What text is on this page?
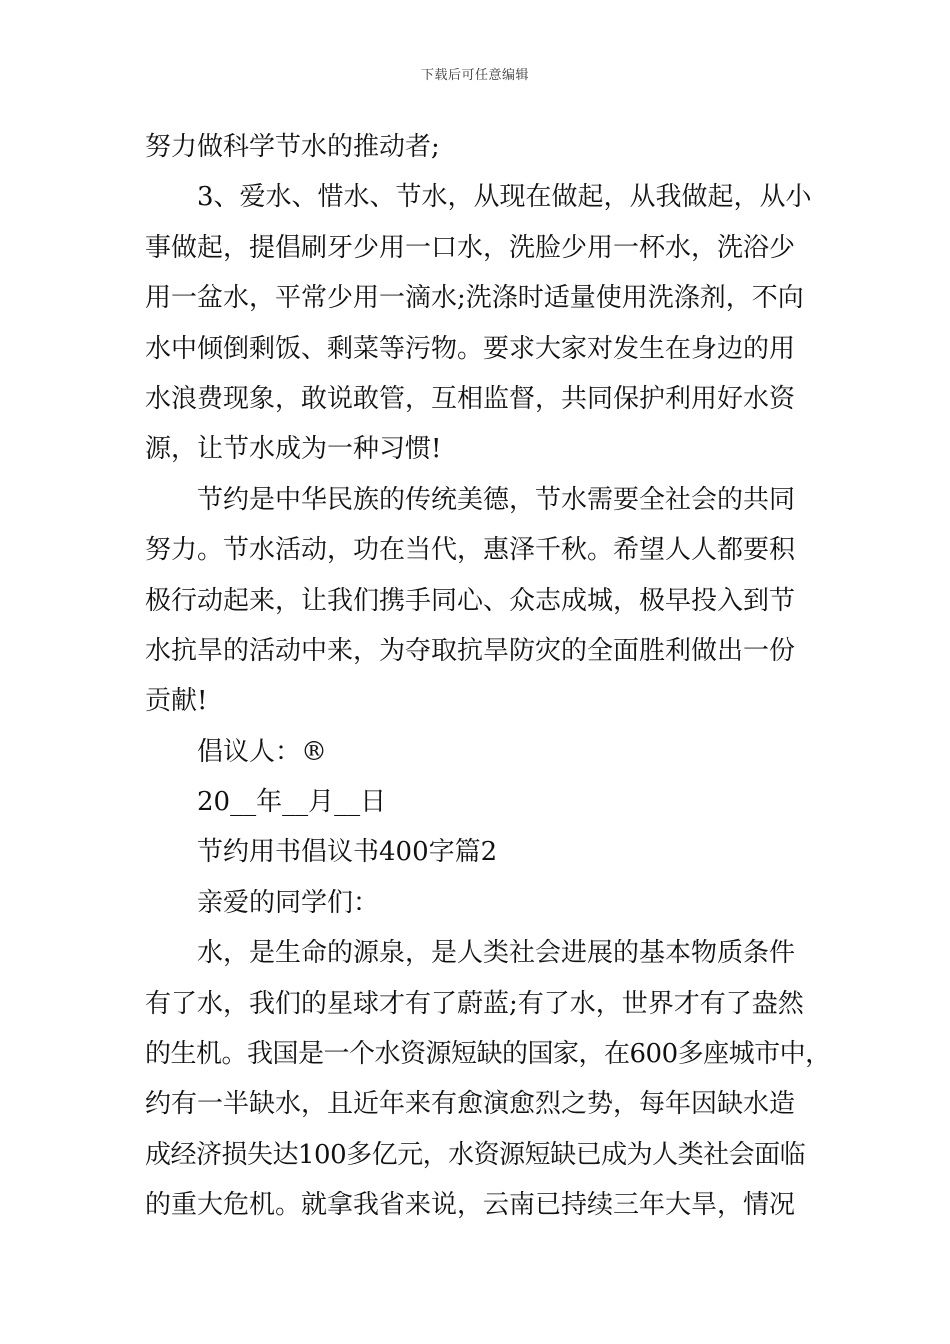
下载后可任意编辑
努力做科学节水的推动者;
3、爱水、惜水、节水，从现在做起，从我做起，从小
事做起，提倡刷牙少用一口水，洗脸少用一杯水，洗浴少
用一盆水，平常少用一滴水;洗涤时适量使用洗涤剂，不向
水中倾倒剩饭、剩菜等污物。要求大家对发生在身边的用
水浪费现象，敢说敢管，互相监督，共同保护利用好水资
源，让节水成为一种习惯!
节约是中华民族的传统美德，节水需要全社会的共同
努力。节水活动，功在当代，惠泽千秋。希望人人都要积
极行动起来，让我们携手同心、众志成城，极早投入到节
水抗旱的活动中来，为夺取抗旱防灾的全面胜利做出一份
贡献!
倡议人：®
20__年__月__日
节约用书倡议书400字篇2
亲爱的同学们：
水，是生命的源泉，是人类社会进展的基本物质条件
有了水，我们的星球才有了蔚蓝;有了水，世界才有了盎然
的生机。我国是一个水资源短缺的国家，在600多座城市中，
约有一半缺水，且近年来有愈演愈烈之势，每年因缺水造
成经济损失达100多亿元，水资源短缺已成为人类社会面临
的重大危机。就拿我省来说，云南已持续三年大旱，情况
